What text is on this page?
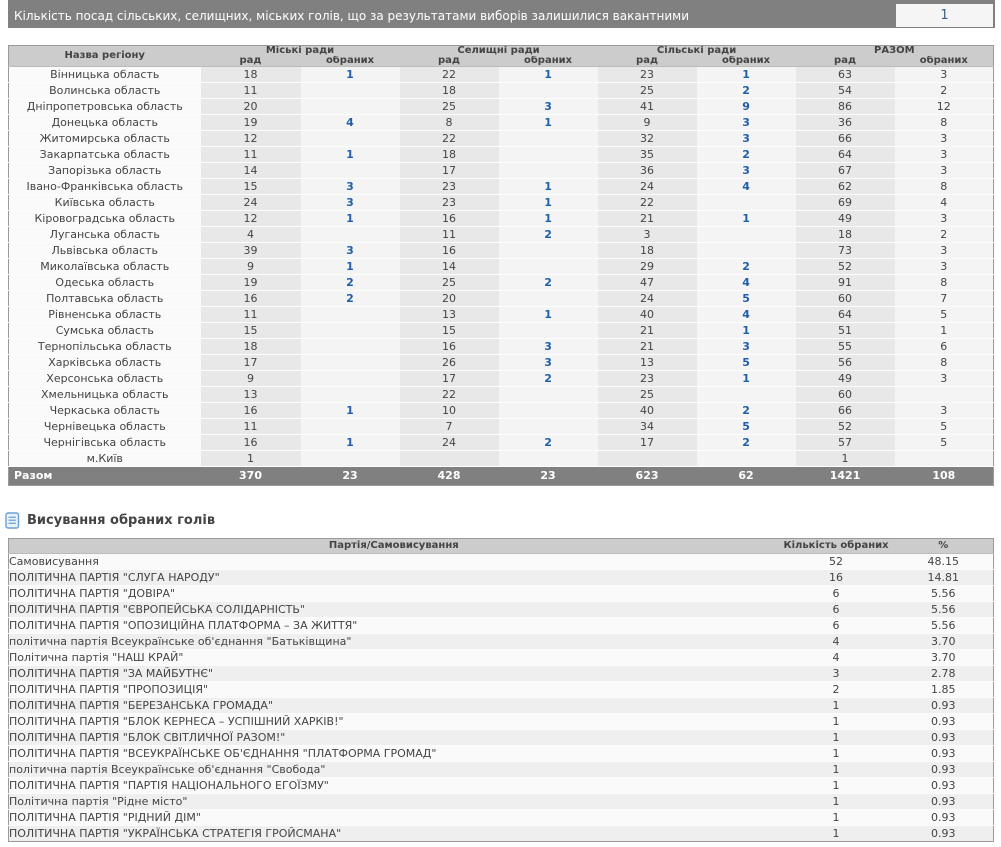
Кількість посад сільських, селищних, міських голів, що за результатами виборів залишилися вакантними	1
Назва регіону	Міські ради		Селищні ради		Сільські ради		РАЗОМ	
	рад	обраних	рад	обраних	рад	обраних	рад	обраних
Вінницька область	18	1	22	1	23	1	63	3
Волинська область	11		18		25	2	54	2
Дніпропетровська область	20		25	3	41	9	86	12
Донецька область	19	4	8	1	9	3	36	8
Житомирська область	12		22		32	3	66	3
Закарпатська область	11	1	18		35	2	64	3
Запорізька область	14		17		36	3	67	3
Івано-Франківська область	15	3	23	1	24	4	62	8
Київська область	24	3	23	1	22		69	4
Кіровоградська область	12	1	16	1	21	1	49	3
Луганська область	4		11	2	3		18	2
Львівська область	39	3	16		18		73	3
Миколаївська область	9	1	14		29	2	52	3
Одеська область	19	2	25	2	47	4	91	8
Полтавська область	16	2	20		24	5	60	7
Рівненська область	11		13	1	40	4	64	5
Сумська область	15		15		21	1	51	1
Тернопільська область	18		16	3	21	3	55	6
Харківська область	17		26	3	13	5	56	8
Херсонська область	9		17	2	23	1	49	3
Хмельницька область	13		22		25		60	
Черкаська область	16	1	10		40	2	66	3
Чернівецька область	11		7		34	5	52	5
Чернігівська область	16	1	24	2	17	2	57	5
м.Київ	1						1	
Разом	370	23	428	23	623	62	1421	108
Висування обраних голів
Партія/Самовисування	Кількість обраних	%
Самовисування	52	48.15
ПОЛІТИЧНА ПАРТІЯ "СЛУГА НАРОДУ"	16	14.81
ПОЛІТИЧНА ПАРТІЯ "ДОВІРА"	6	5.56
ПОЛІТИЧНА ПАРТІЯ "ЄВРОПЕЙСЬКА СОЛІДАРНІСТЬ"	6	5.56
ПОЛІТИЧНА ПАРТІЯ "ОПОЗИЦІЙНА ПЛАТФОРМА – ЗА ЖИТТЯ"	6	5.56
політична партія Всеукраїнське об'єднання "Батьківщина"	4	3.70
Політична партія "НАШ КРАЙ"	4	3.70
ПОЛІТИЧНА ПАРТІЯ "ЗА МАЙБУТНЄ"	3	2.78
ПОЛІТИЧНА ПАРТІЯ "ПРОПОЗИЦІЯ"	2	1.85
ПОЛІТИЧНА ПАРТІЯ "БЕРЕЗАНСЬКА ГРОМАДА"	1	0.93
ПОЛІТИЧНА ПАРТІЯ "БЛОК КЕРНЕСА – УСПІШНИЙ ХАРКІВ!"	1	0.93
ПОЛІТИЧНА ПАРТІЯ "БЛОК СВІТЛИЧНОЇ РАЗОМ!"	1	0.93
ПОЛІТИЧНА ПАРТІЯ "ВСЕУКРАЇНСЬКЕ ОБ'ЄДНАННЯ "ПЛАТФОРМА ГРОМАД"	1	0.93
політична партія Всеукраїнське об'єднання "Свобода"	1	0.93
ПОЛІТИЧНА ПАРТІЯ "ПАРТІЯ НАЦІОНАЛЬНОГО ЕГОЇЗМУ"	1	0.93
Політична партія "Рідне місто"	1	0.93
ПОЛІТИЧНА ПАРТІЯ "РІДНИЙ ДІМ"	1	0.93
ПОЛІТИЧНА ПАРТІЯ "УКРАЇНСЬКА СТРАТЕГІЯ ГРОЙСМАНА"	1	0.93
